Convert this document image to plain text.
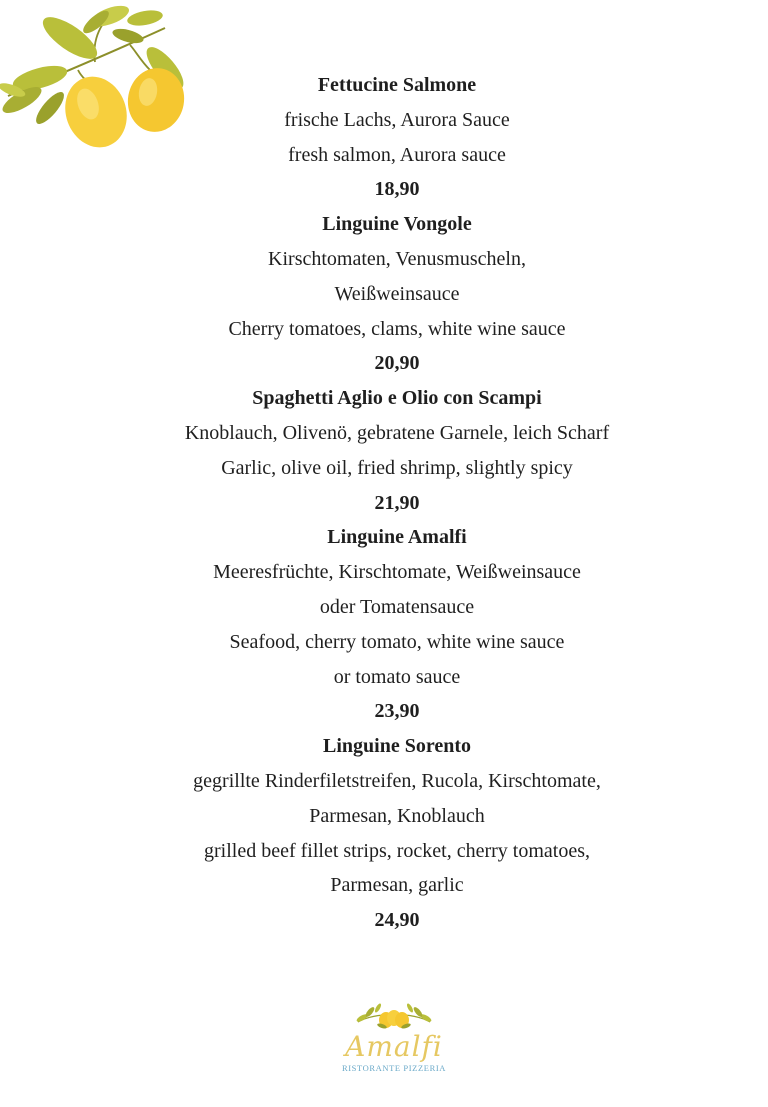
Fettucine Salmone
frische Lachs, Aurora Sauce
fresh salmon, Aurora sauce
18,90
Linguine Vongole
Kirschtomaten, Venusmuscheln,
Weißweinsauce
Cherry tomatoes, clams, white wine sauce
20,90
Spaghetti Aglio e Olio con Scampi
Knoblauch, Olivenö, gebratene Garnele, leich Scharf
Garlic, olive oil, fried shrimp, slightly spicy
21,90
Linguine Amalfi
Meeresfrüchte, Kirschtomate, Weißweinsauce
oder Tomatensauce
Seafood, cherry tomato, white wine sauce
or tomato sauce
23,90
Linguine Sorento
gegrillte Rinderfiletstreifen, Rucola, Kirschtomate,
Parmesan, Knoblauch
grilled beef fillet strips, rocket, cherry tomatoes,
Parmesan, garlic
24,90
Amalfi
RISTORANTE PIZZERIA
